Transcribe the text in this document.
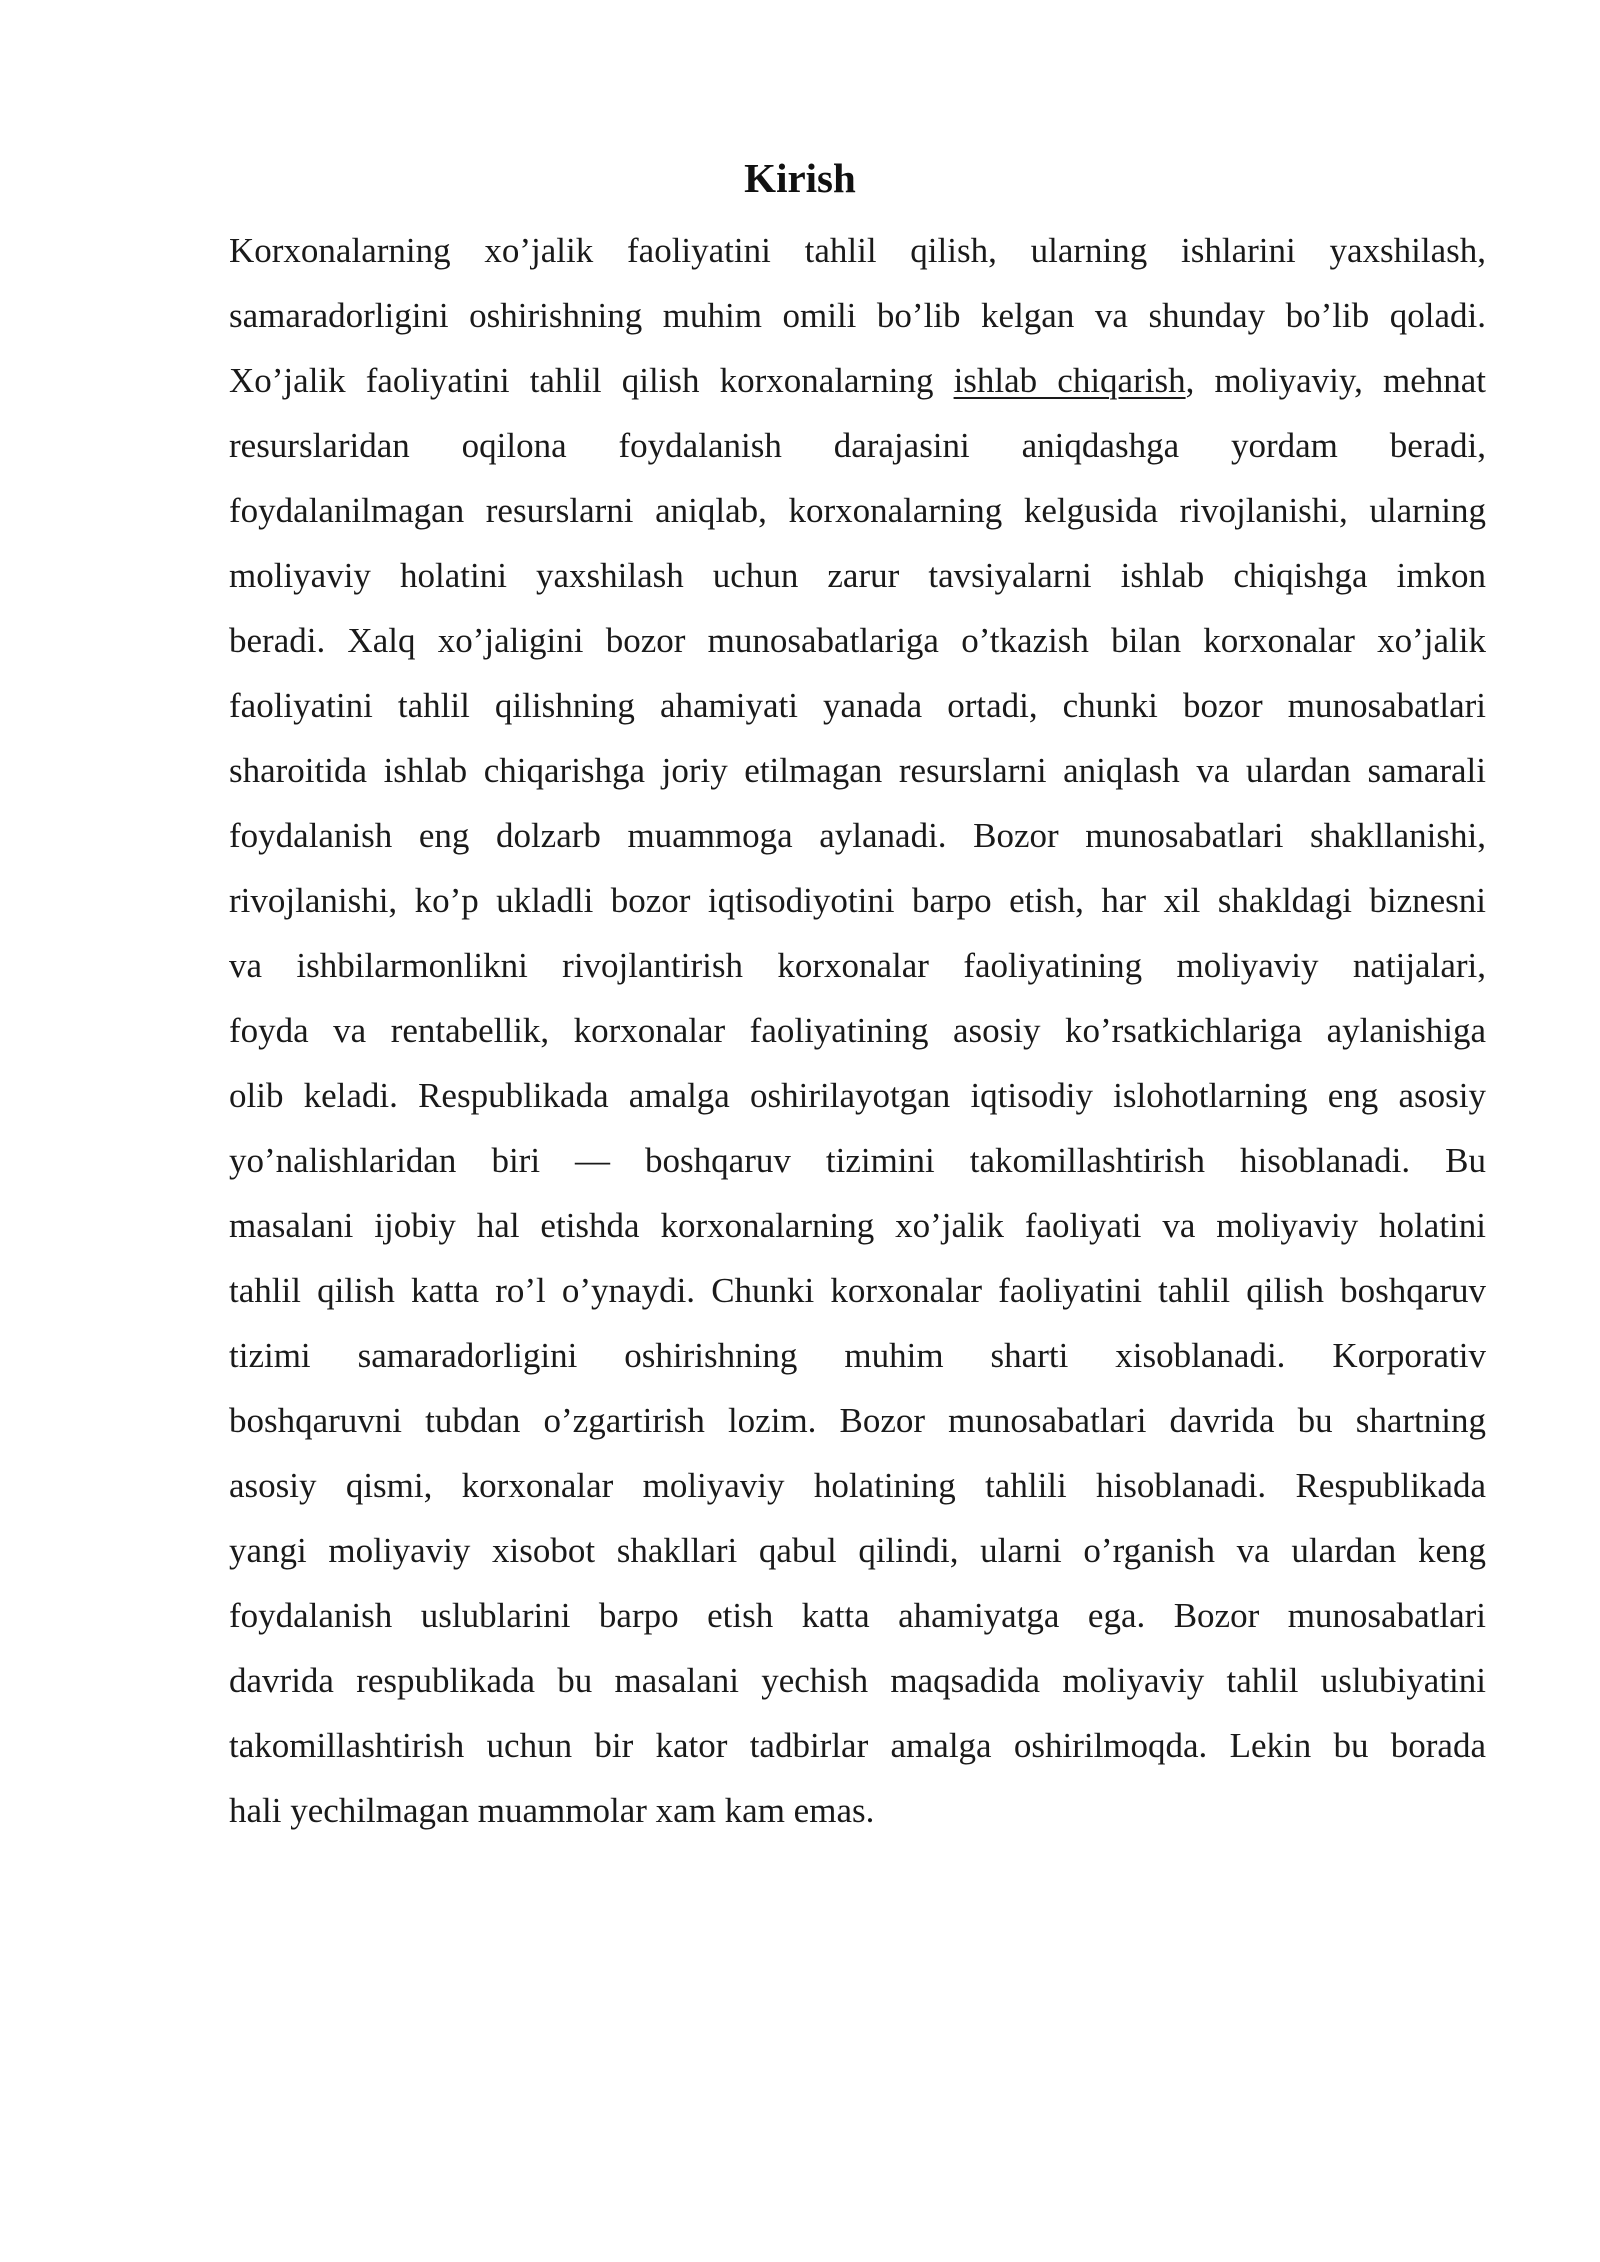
Kirish
Korxonalarning xo’jalik faoliyatini tahlil qilish, ularning ishlarini yaxshilash,
samaradorligini oshirishning muhim omili bo’lib kelgan va shunday bo’lib qoladi.
Xo’jalik faoliyatini tahlil qilish korxonalarning ishlab chiqarish, moliyaviy, mehnat
resurslaridan oqilona foydalanish darajasini aniqdashga yordam beradi,
foydalanilmagan resurslarni aniqlab, korxonalarning kelgusida rivojlanishi, ularning
moliyaviy holatini yaxshilash uchun zarur tavsiyalarni ishlab chiqishga imkon
beradi. Xalq xo’jaligini bozor munosabatlariga o’tkazish bilan korxonalar xo’jalik
faoliyatini tahlil qilishning ahamiyati yanada ortadi, chunki bozor munosabatlari
sharoitida ishlab chiqarishga joriy etilmagan resurslarni aniqlash va ulardan samarali
foydalanish eng dolzarb muammoga aylanadi. Bozor munosabatlari shakllanishi,
rivojlanishi, ko’p ukladli bozor iqtisodiyotini barpo etish, har xil shakldagi biznesni
va ishbilarmonlikni rivojlantirish korxonalar faoliyatining moliyaviy natijalari,
foyda va rentabellik, korxonalar faoliyatining asosiy ko’rsatkichlariga aylanishiga
olib keladi. Respublikada amalga oshirilayotgan iqtisodiy islohotlarning eng asosiy
yo’nalishlaridan biri — boshqaruv tizimini takomillashtirish hisoblanadi. Bu
masalani ijobiy hal etishda korxonalarning xo’jalik faoliyati va moliyaviy holatini
tahlil qilish katta ro’l o’ynaydi. Chunki korxonalar faoliyatini tahlil qilish boshqaruv
tizimi samaradorligini oshirishning muhim sharti xisoblanadi. Korporativ
boshqaruvni tubdan o’zgartirish lozim. Bozor munosabatlari davrida bu shartning
asosiy qismi, korxonalar moliyaviy holatining tahlili hisoblanadi. Respublikada
yangi moliyaviy xisobot shakllari qabul qilindi, ularni o’rganish va ulardan keng
foydalanish uslublarini barpo etish katta ahamiyatga ega. Bozor munosabatlari
davrida respublikada bu masalani yechish maqsadida moliyaviy tahlil uslubiyatini
takomillashtirish uchun bir kator tadbirlar amalga oshirilmoqda. Lekin bu borada
hali yechilmagan muammolar xam kam emas.
